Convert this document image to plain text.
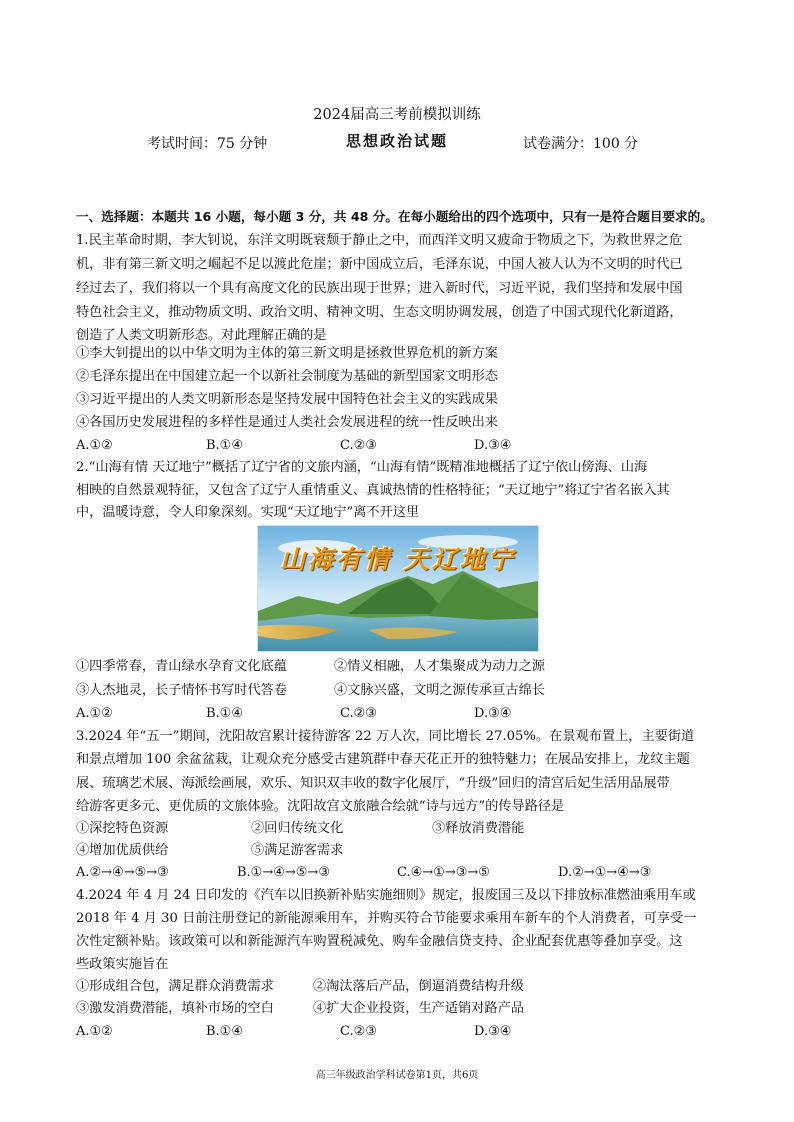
2024届高三考前模拟训练
思想政治试题
考试时间：75 分钟	试卷满分：100 分
一、选择题：本题共 16 小题，每小题 3 分，共 48 分。在每小题给出的四个选项中，只有一是符合题目要求的。
1.民主革命时期，李大钊说，东洋文明既衰颓于静止之中，而西洋文明又疲命于物质之下，为救世界之危
机，非有第三新文明之崛起不足以渡此危崖；新中国成立后，毛泽东说，中国人被人认为不文明的时代已
经过去了，我们将以一个具有高度文化的民族出现于世界；进入新时代，习近平说，我们坚持和发展中国
特色社会主义，推动物质文明、政治文明、精神文明、生态文明协调发展，创造了中国式现代化新道路，
创造了人类文明新形态。对此理解正确的是
①李大钊提出的以中华文明为主体的第三新文明是拯救世界危机的新方案
②毛泽东提出在中国建立起一个以新社会制度为基础的新型国家文明形态
③习近平提出的人类文明新形态是坚持发展中国特色社会主义的实践成果
④各国历史发展进程的多样性是通过人类社会发展进程的统一性反映出来
A.①②	B.①④	C.②③	D.③④
2.“山海有情 天辽地宁”概括了辽宁省的文旅内涵，“山海有情”既精准地概括了辽宁依山傍海、山海
相映的自然景观特征，又包含了辽宁人重情重义、真诚热情的性格特征；“天辽地宁”将辽宁省名嵌入其
中，温暖诗意，令人印象深刻。实现“天辽地宁”离不开这里
山海有情 天辽地宁
①四季常春，青山绿水孕育文化底蕴	②情义相融，人才集聚成为动力之源
③人杰地灵，长子情怀书写时代答卷	④文脉兴盛，文明之源传承亘古绵长
A.①②	B.①④	C.②③	D.③④
3.2024 年“五一”期间，沈阳故宫累计接待游客 22 万人次，同比增长 27.05%。在景观布置上，主要街道
和景点增加 100 余盆盆栽，让观众充分感受古建筑群中春天花正开的独特魅力；在展品安排上，龙纹主题
展、琉璃艺术展、海派绘画展，欢乐、知识双丰收的数字化展厅，“升级”回归的清宫后妃生活用品展带
给游客更多元、更优质的文旅体验。沈阳故宫文旅融合绘就“诗与远方”的传导路径是
①深挖特色资源	②回归传统文化	③释放消费潜能
④增加优质供给	⑤满足游客需求
A.②→④→⑤→③	B.①→④→⑤→③	C.④→①→③→⑤	D.②→①→④→③
4.2024 年 4 月 24 日印发的《汽车以旧换新补贴实施细则》规定，报废国三及以下排放标准燃油乘用车或
2018 年 4 月 30 日前注册登记的新能源乘用车，并购买符合节能要求乘用车新车的个人消费者，可享受一
次性定额补贴。该政策可以和新能源汽车购置税减免、购车金融信贷支持、企业配套优惠等叠加享受。这
些政策实施旨在
①形成组合包，满足群众消费需求	②淘汰落后产品，倒逼消费结构升级
③激发消费潜能，填补市场的空白	④扩大企业投资，生产适销对路产品
A.①②	B.①④	C.②③	D.③④
高三年级政治学科试卷第1页，共6页
